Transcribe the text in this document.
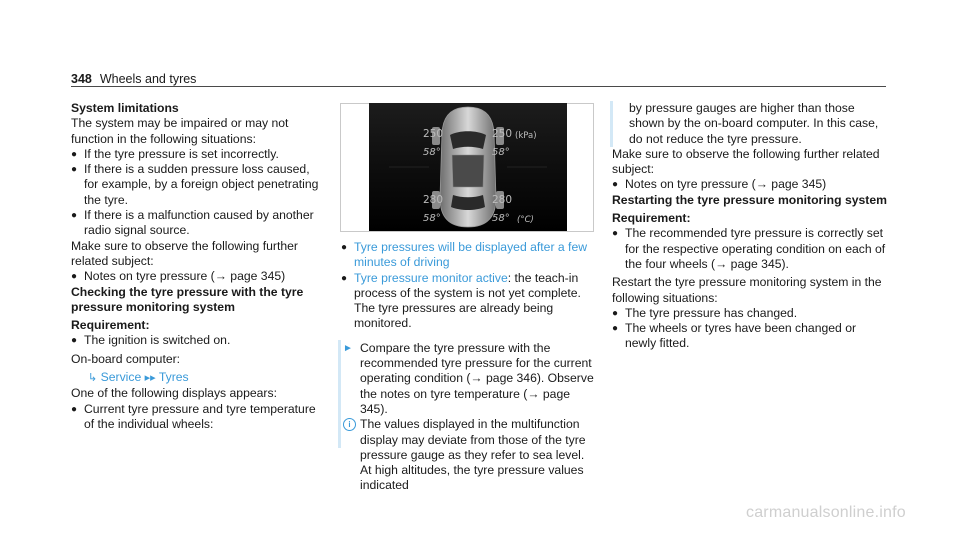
348 Wheels and tyres

System limitations

The system may be impaired or may not function in the following situations:

● If the tyre pressure is set incorrectly.
● If there is a sudden pressure loss caused, for example, by a foreign object penetrating the tyre.
● If there is a malfunction caused by another radio signal source.

Make sure to observe the following further related subject:

● Notes on tyre pressure (→ page 345)

Checking the tyre pressure with the tyre pressure monitoring system

Requirement:

● The ignition is switched on.

On-board computer:

↳ Service ▸▸ Tyres

One of the following displays appears:

● Current tyre pressure and tyre temperature of the individual wheels:
250
58°
250 (kPa)
58°
280
58°
280
58° (°C)
● Tyre pressures will be displayed after a few minutes of driving
● Tyre pressure monitor active: the teach-in process of the system is not yet complete. The tyre pressures are already being monitored.
► Compare the tyre pressure with the recommended tyre pressure for the current operating condition (→ page 346). Observe the notes on tyre temperature (→ page 345).
i The values displayed in the multifunction display may deviate from those of the tyre pressure gauge as they refer to sea level. At high altitudes, the tyre pressure values indicated

by pressure gauges are higher than those shown by the on-board computer. In this case, do not reduce the tyre pressure.

Make sure to observe the following further related subject:

● Notes on tyre pressure (→ page 345)

Restarting the tyre pressure monitoring system

Requirement:

● The recommended tyre pressure is correctly set for the respective operating condition on each of the four wheels (→ page 345).

Restart the tyre pressure monitoring system in the following situations:

● The tyre pressure has changed.
● The wheels or tyres have been changed or newly fitted.
carmanualsonline.info
